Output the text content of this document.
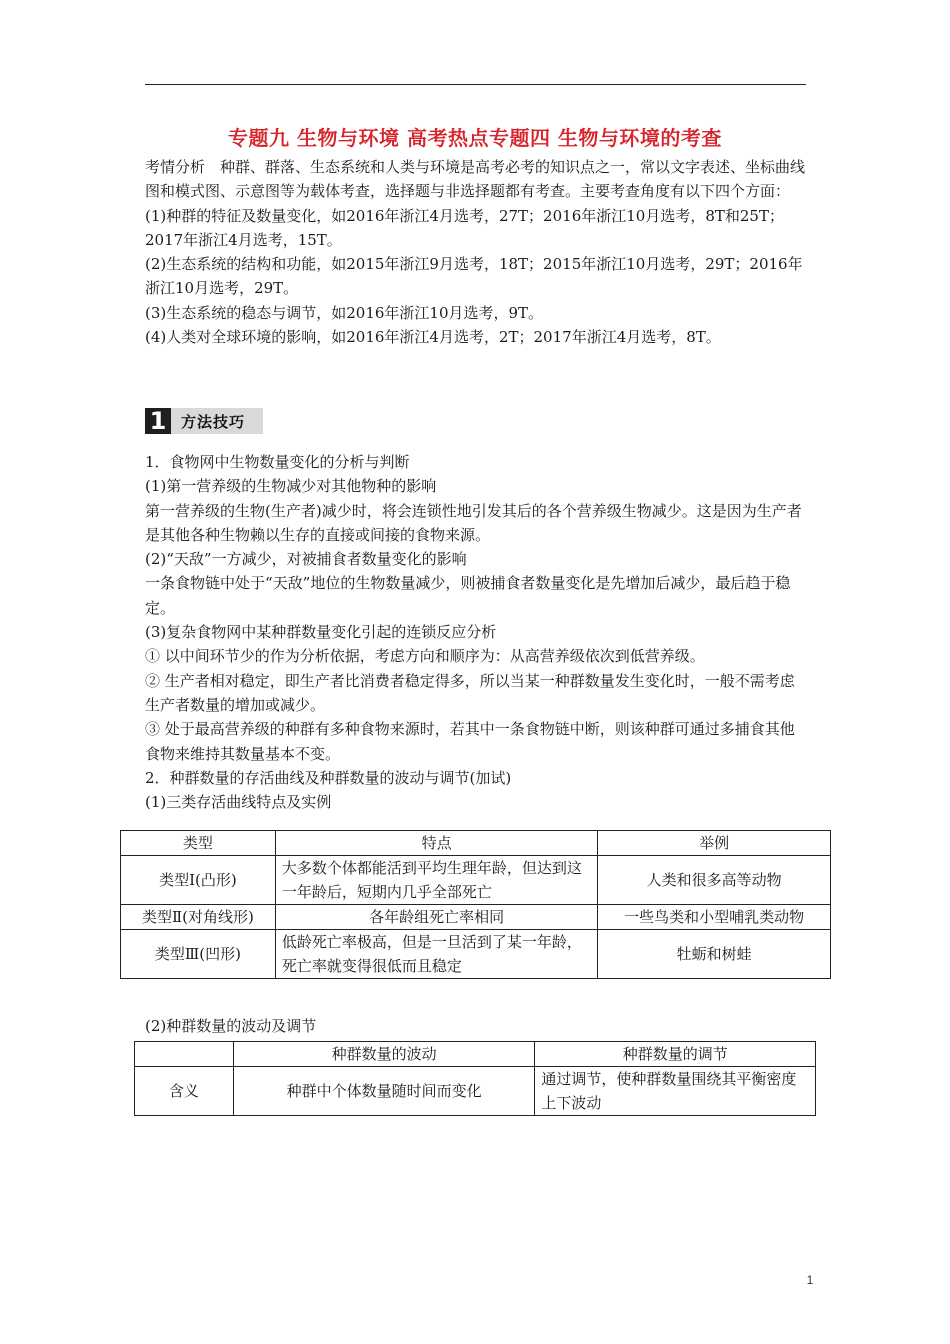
专题九 生物与环境 高考热点专题四 生物与环境的考查

考情分析　种群、群落、生态系统和人类与环境是高考必考的知识点之一，常以文字表述、坐标曲线图和模式图、示意图等为载体考查，选择题与非选择题都有考查。主要考查角度有以下四个方面：

(1)种群的特征及数量变化，如2016年浙江4月选考，27T；2016年浙江10月选考，8T和25T；2017年浙江4月选考，15T。

(2)生态系统的结构和功能，如2015年浙江9月选考，18T；2015年浙江10月选考，29T；2016年浙江10月选考，29T。

(3)生态系统的稳态与调节，如2016年浙江10月选考，9T。

(4)人类对全球环境的影响，如2016年浙江4月选考，2T；2017年浙江4月选考，8T。

1 方法技巧

1．食物网中生物数量变化的分析与判断

(1)第一营养级的生物减少对其他物种的影响

第一营养级的生物(生产者)减少时，将会连锁性地引发其后的各个营养级生物减少。这是因为生产者是其他各种生物赖以生存的直接或间接的食物来源。

(2)“天敌”一方减少，对被捕食者数量变化的影响

一条食物链中处于“天敌”地位的生物数量减少，则被捕食者数量变化是先增加后减少，最后趋于稳定。

(3)复杂食物网中某种群数量变化引起的连锁反应分析

① 以中间环节少的作为分析依据，考虑方向和顺序为：从高营养级依次到低营养级。

② 生产者相对稳定，即生产者比消费者稳定得多，所以当某一种群数量发生变化时，一般不需考虑生产者数量的增加或减少。

③ 处于最高营养级的种群有多种食物来源时，若其中一条食物链中断，则该种群可通过多捕食其他食物来维持其数量基本不变。

2．种群数量的存活曲线及种群数量的波动与调节(加试)

(1)三类存活曲线特点及实例

类型	特点	举例
类型Ⅰ(凸形)	大多数个体都能活到平均生理年龄，但达到这一年龄后，短期内几乎全部死亡	人类和很多高等动物
类型Ⅱ(对角线形)	各年龄组死亡率相同	一些鸟类和小型哺乳类动物
类型Ⅲ(凹形)	低龄死亡率极高，但是一旦活到了某一年龄，死亡率就变得很低而且稳定	牡蛎和树蛙
(2)种群数量的波动及调节
	种群数量的波动	种群数量的调节
含义	种群中个体数量随时间而变化	通过调节，使种群数量围绕其平衡密度上下波动
1
